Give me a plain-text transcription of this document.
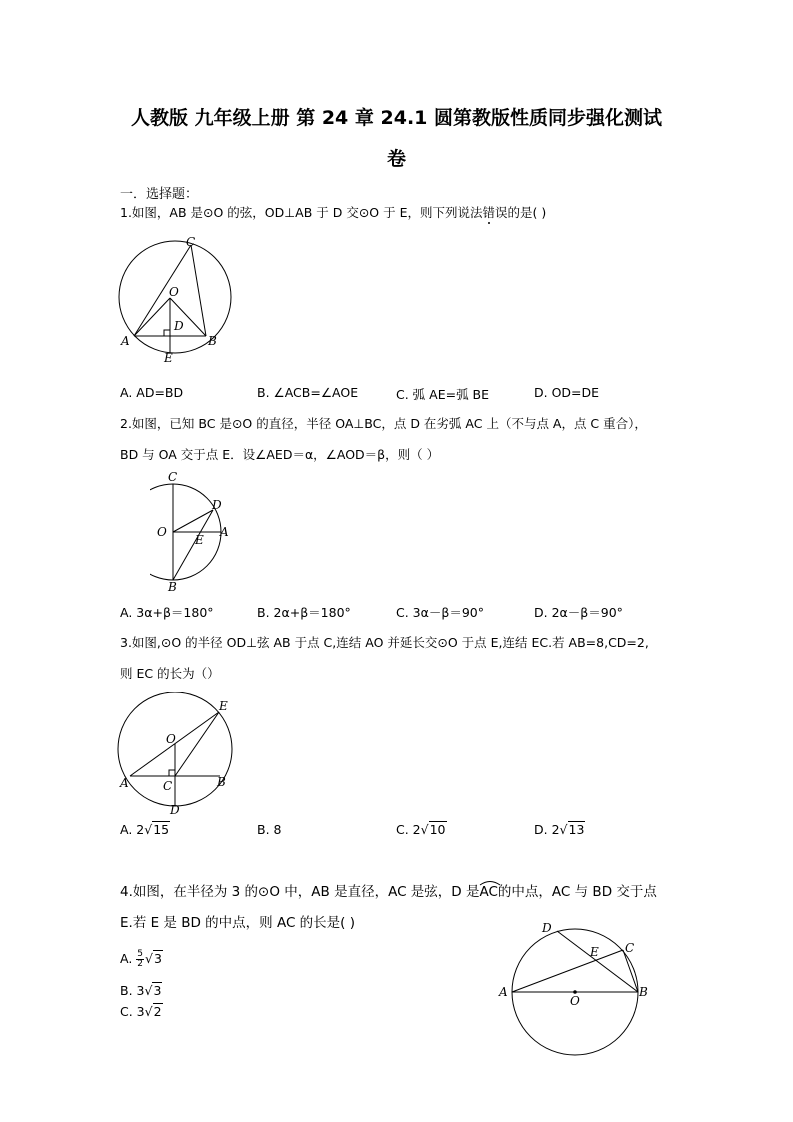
人教版 九年级上册 第 24 章 24.1 圆第教版性质同步强化测试
卷
一．选择题：
1.如图，AB 是⊙O 的弦，OD⊥AB 于 D 交⊙O 于 E，则下列说法错误的是( )
C
O
D
A	B
E
A. AD=BD	B. ∠ACB=∠AOE	C. 弧 AE=弧 BE	D. OD=DE
2.如图，已知 BC 是⊙O 的直径，半径 OA⊥BC，点 D 在劣弧 AC 上（不与点 A，点 C 重合），
BD 与 OA 交于点 E．设∠AED＝α，∠AOD＝β，则（ ）
C
D
O
E
A
B
A. 3α+β＝180°	B. 2α+β＝180°	C. 3α－β＝90°	D. 2α－β＝90°
3.如图,⊙O 的半径 OD⊥弦 AB 于点 C,连结 AO 并延长交⊙O 于点 E,连结 EC.若 AB=8,CD=2,
则 EC 的长为（）
E
O
A	C	B
D
A. 2√15	B. 8	C. 2√10	D. 2√13
4.如图，在半径为 3 的⊙O 中，AB 是直径，AC 是弦，D 是
AC的中点，AC 与 BD 交于点
E.若 E 是 BD 的中点，则 AC 的长是( )
A. $\frac{5}{2} √3$
B. 3√3
C. 3√2
D
E C
A
O
B
